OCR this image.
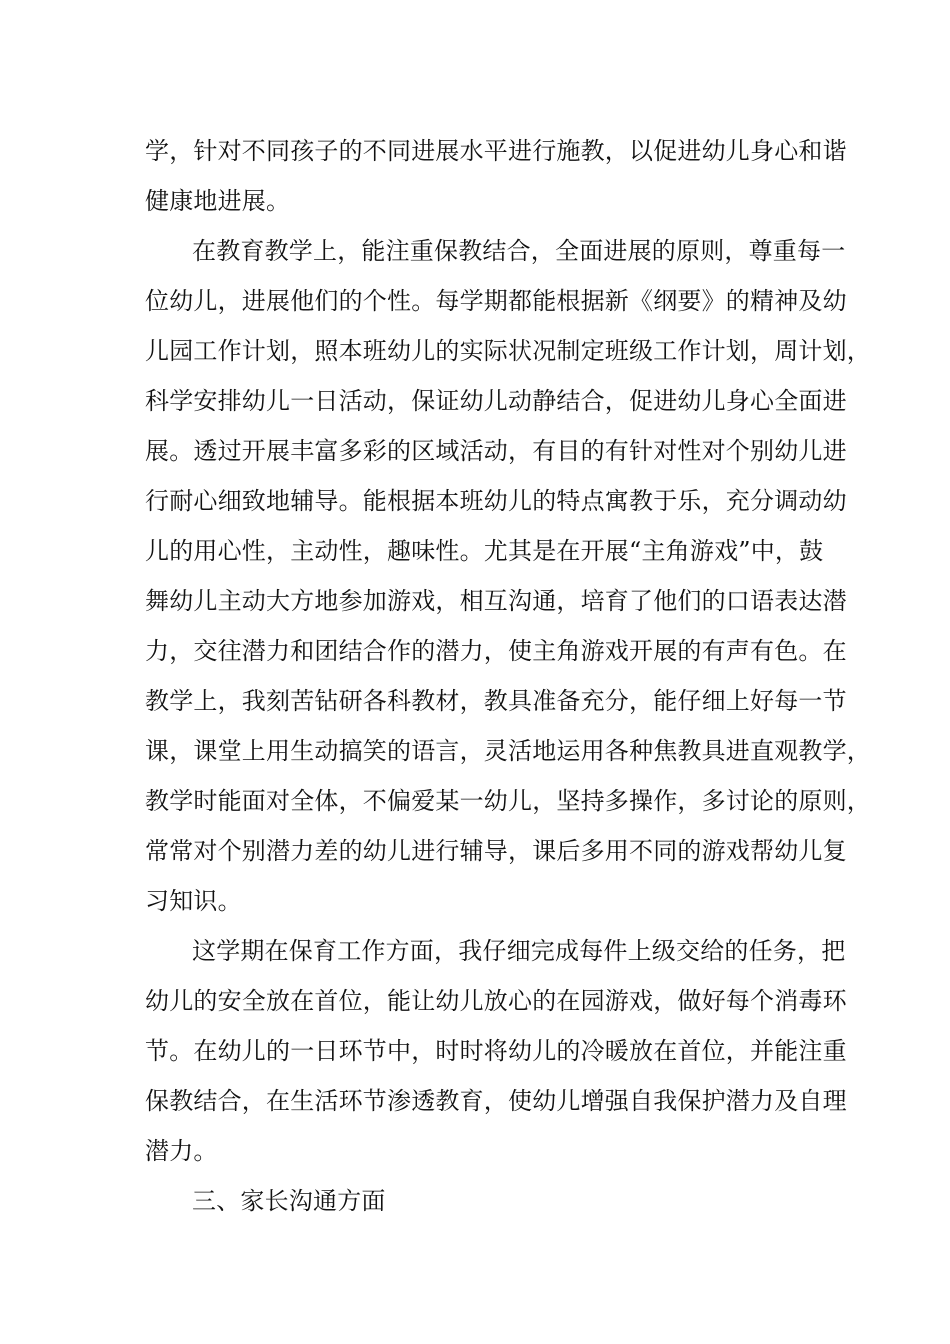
学，针对不同孩子的不同进展水平进行施教，以促进幼儿身心和谐

健康地进展。

在教育教学上，能注重保教结合，全面进展的原则，尊重每一

位幼儿，进展他们的个性。每学期都能根据新《纲要》的精神及幼

儿园工作计划，照本班幼儿的实际状况制定班级工作计划，周计划，

科学安排幼儿一日活动，保证幼儿动静结合，促进幼儿身心全面进

展。透过开展丰富多彩的区域活动，有目的有针对性对个别幼儿进

行耐心细致地辅导。能根据本班幼儿的特点寓教于乐，充分调动幼

儿的用心性，主动性，趣味性。尤其是在开展“主角游戏”中，鼓

舞幼儿主动大方地参加游戏，相互沟通，培育了他们的口语表达潜

力，交往潜力和团结合作的潜力，使主角游戏开展的有声有色。在

教学上，我刻苦钻研各科教材，教具准备充分，能仔细上好每一节

课，课堂上用生动搞笑的语言，灵活地运用各种焦教具进直观教学，

教学时能面对全体，不偏爱某一幼儿，坚持多操作，多讨论的原则，

常常对个别潜力差的幼儿进行辅导，课后多用不同的游戏帮幼儿复

习知识。

这学期在保育工作方面，我仔细完成每件上级交给的任务，把

幼儿的安全放在首位，能让幼儿放心的在园游戏，做好每个消毒环

节。在幼儿的一日环节中，时时将幼儿的冷暖放在首位，并能注重

保教结合，在生活环节渗透教育，使幼儿增强自我保护潜力及自理

潜力。

三、家长沟通方面
